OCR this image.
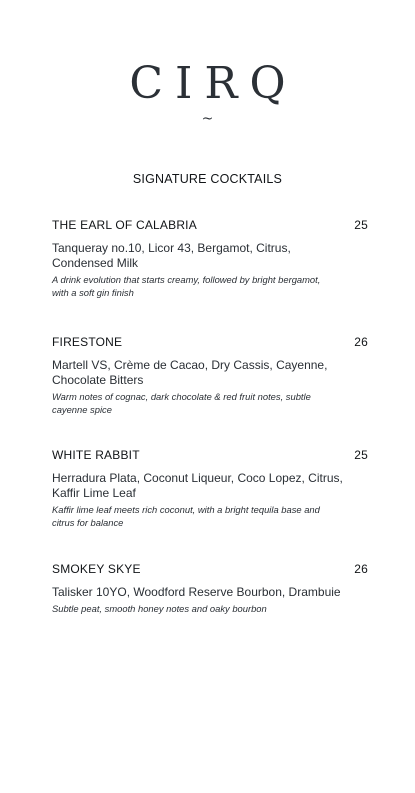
CIRQ
~
SIGNATURE COCKTAILS
THE EARL OF CALABRIA	25
Tanqueray no.10, Licor 43, Bergamot, Citrus, Condensed Milk
A drink evolution that starts creamy, followed by bright bergamot, with a soft gin finish
FIRESTONE	26
Martell VS, Crème de Cacao, Dry Cassis, Cayenne, Chocolate Bitters
Warm notes of cognac, dark chocolate & red fruit notes, subtle cayenne spice
WHITE RABBIT	25
Herradura Plata, Coconut Liqueur, Coco Lopez, Citrus, Kaffir Lime Leaf
Kaffir lime leaf meets rich coconut, with a bright tequila base and citrus for balance
SMOKEY SKYE	26
Talisker 10YO, Woodford Reserve Bourbon, Drambuie
Subtle peat, smooth honey notes and oaky bourbon
